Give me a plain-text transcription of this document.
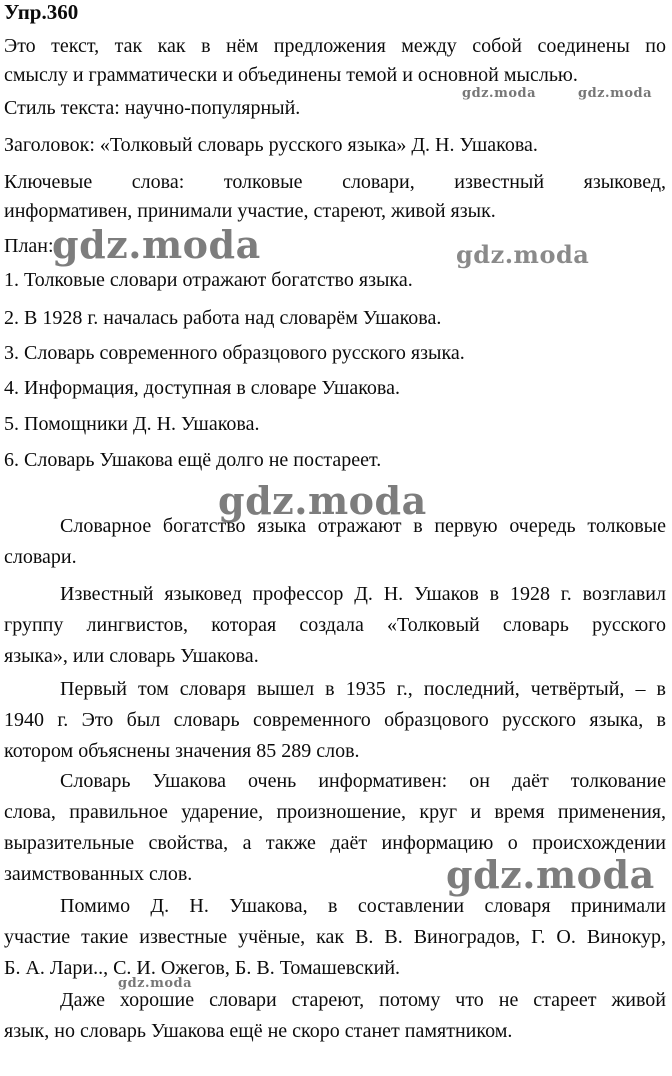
Упр.360

Это текст, так как в нём предложения между собой соединены по

смыслу и грамматически и объединены темой и основной мыслью.

Стиль текста: научно-популярный.

Заголовок: «Толковый словарь русского языка» Д. Н. Ушакова.

Ключевые слова: толковые словари, известный языковед,

информативен, принимали участие, стареют, живой язык.

План:

1. Толковые словари отражают богатство языка.

2. В 1928 г. началась работа над словарём Ушакова.

3. Словарь современного образцового русского языка.

4. Информация, доступная в словаре Ушакова.

5. Помощники Д. Н. Ушакова.

6. Словарь Ушакова ещё долго не постареет.

Словарное богатство языка отражают в первую очередь толковые
словари.
Известный языковед профессор Д. Н. Ушаков в 1928 г. возглавил
группу лингвистов, которая создала «Толковый словарь русского
языка», или словарь Ушакова.
Первый том словаря вышел в 1935 г., последний, четвёртый, – в
1940 г. Это был словарь современного образцового русского языка, в
котором объяснены значения 85 289 слов.
Словарь Ушакова очень информативен: он даёт толкование
слова, правильное ударение, произношение, круг и время применения,
выразительные свойства, а также даёт информацию о происхождении
заимствованных слов.
Помимо Д. Н. Ушакова, в составлении словаря принимали
участие такие известные учёные, как В. В. Виноградов, Г. О. Винокур,
Б. А. Лари.., С. И. Ожегов, Б. В. Томашевский.
Даже хорошие словари стареют, потому что не стареет живой
язык, но словарь Ушакова ещё не скоро станет памятником.
gdz.moda	gdz.moda
gdz.moda	gdz.moda
gdz.moda
gdz.moda
gdz.moda
